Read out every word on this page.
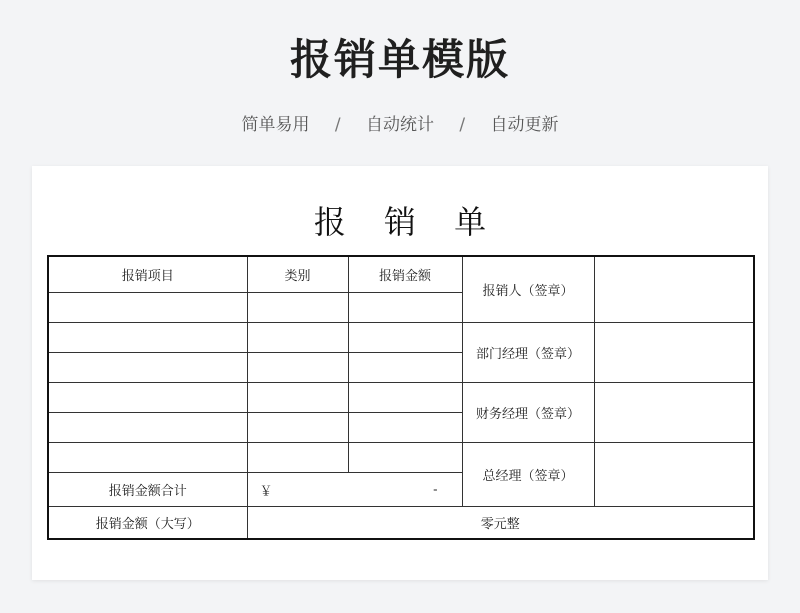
报销单模版
简单易用 / 自动统计 / 自动更新
报 销 单
报销项目	类别	报销金额	报销人（签章）	

			部门经理（签章）	

			财务经理（签章）	

			总经理（签章）	
报销金额合计	￥ -			

报销金额（大写）	零元整			
